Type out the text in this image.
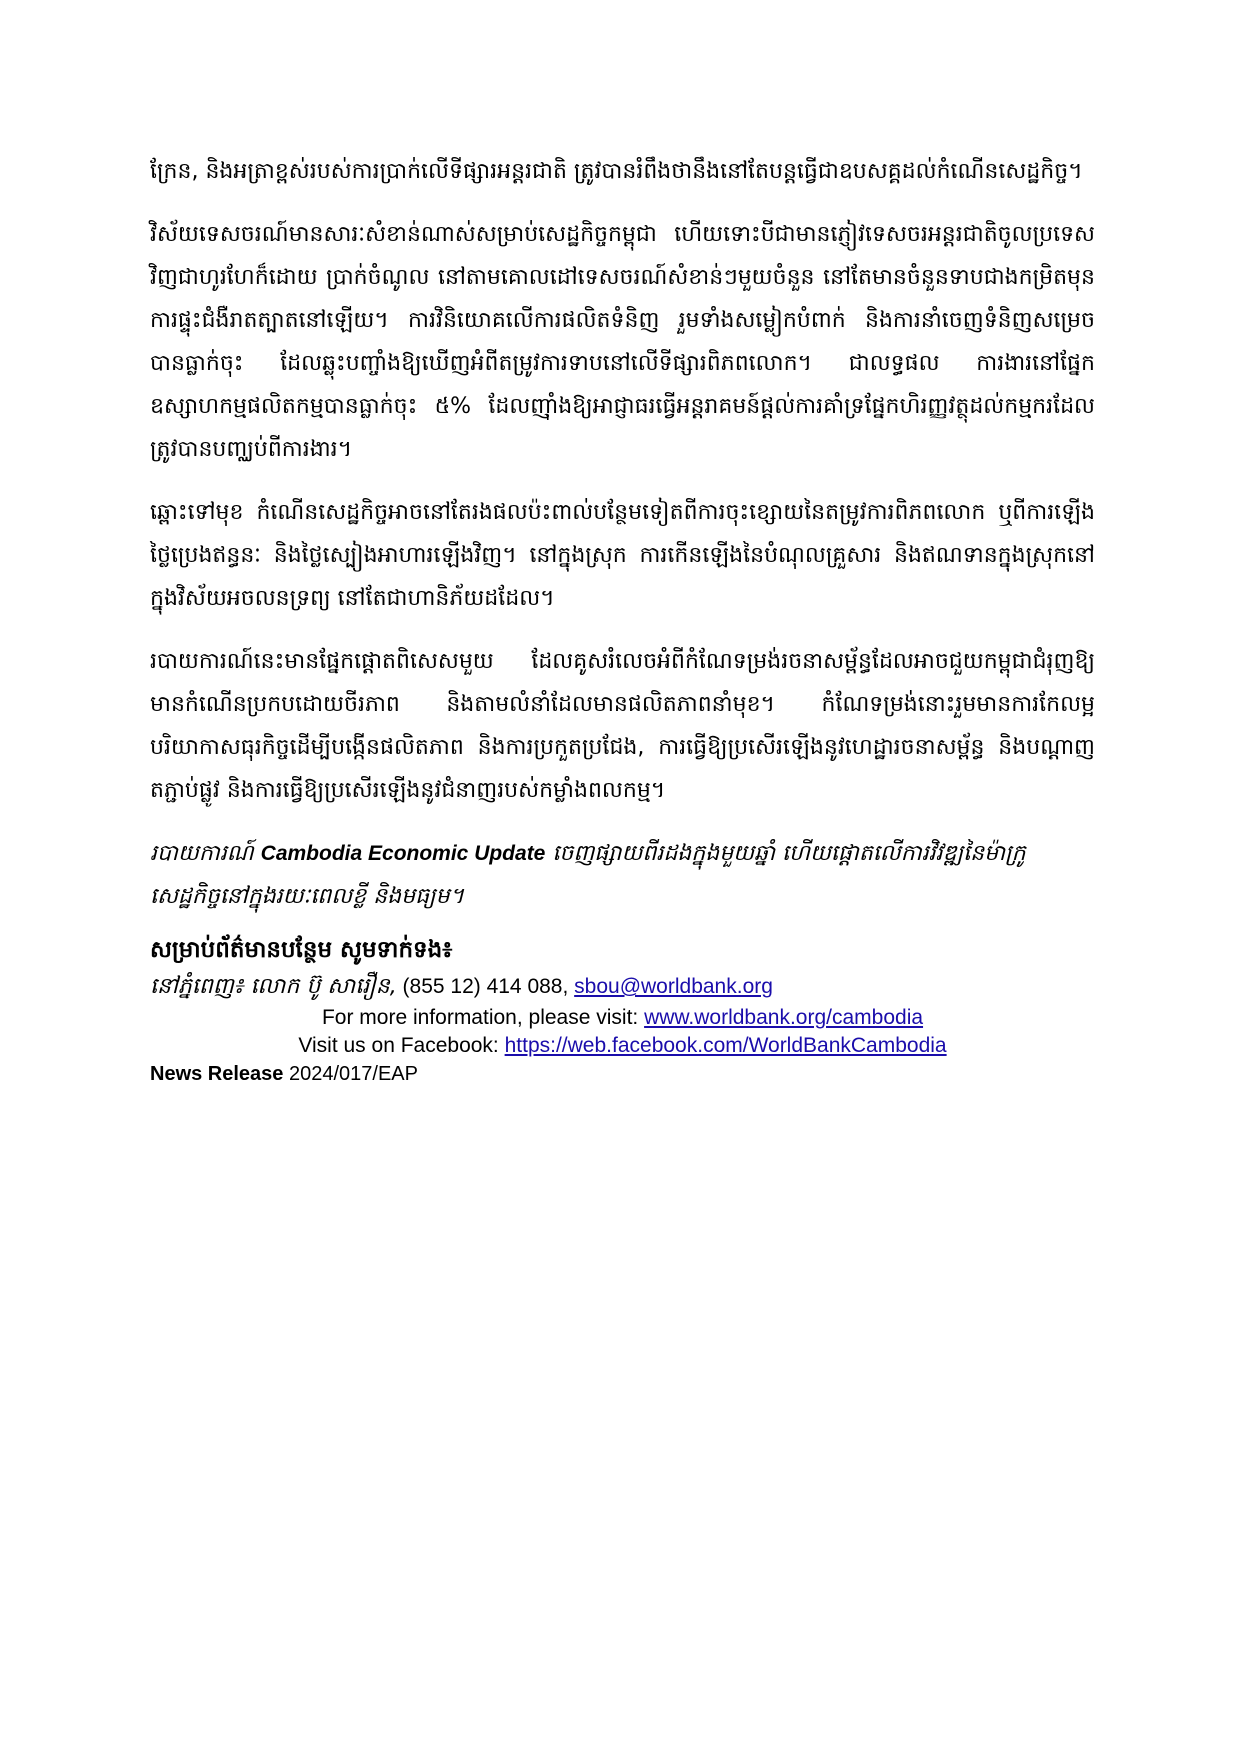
ក្រែន, និងអត្រាខ្ពស់របស់ការប្រាក់លើទីផ្សារអន្តរជាតិ ត្រូវបានរំពឹងថានឹងនៅតែបន្តធ្វើជាឧបសគ្គដល់កំណើនសេដ្ឋកិច្ច។

វិស័យទេសចរណ៍មានសារៈសំខាន់ណាស់សម្រាប់សេដ្ឋកិច្ចកម្ពុជា ហើយទោះបីជាមានភ្ញៀវទេសចរអន្តរជាតិចូលប្រទេសវិញជាហូរហែក៏ដោយ ប្រាក់ចំណូល នៅតាមគោលដៅទេសចរណ៍សំខាន់ៗមួយចំនួន នៅតែមានចំនួនទាបជាងកម្រិតមុនការផ្ទុះជំងឺរាតត្បាតនៅឡើយ។ ការវិនិយោគលើការផលិតទំនិញ រួមទាំងសម្លៀកបំពាក់ និងការនាំចេញទំនិញសម្រេច បានធ្លាក់ចុះ ដែលឆ្លុះបញ្ចាំងឱ្យឃើញអំពីតម្រូវការទាបនៅលើទីផ្សារពិភពលោក។ ជាលទ្ធផល ការងារនៅផ្នែកឧស្សាហកម្មផលិតកម្មបានធ្លាក់ចុះ ៥% ដែលញ៉ាំងឱ្យអាជ្ញាធរធ្វើអន្តរាគមន៍ផ្តល់ការគាំទ្រផ្នែកហិរញ្ញវត្ថុដល់កម្មករដែលត្រូវបានបញ្ឈប់ពីការងារ។

ឆ្ពោះទៅមុខ កំណើនសេដ្ឋកិច្ចអាចនៅតែរងផលប៉ះពាល់បន្ថែមទៀតពីការចុះខ្សោយនៃតម្រូវការពិភពលោក ឬពីការឡើងថ្លៃប្រេងឥន្ធនៈ និងថ្លៃស្បៀងអាហារឡើងវិញ។ នៅក្នុងស្រុក ការកើនឡើងនៃបំណុលគ្រួសារ និងឥណទានក្នុងស្រុកនៅក្នុងវិស័យអចលនទ្រព្យ នៅតែជាហានិភ័យដដែល។

របាយការណ៍នេះមានផ្នែកផ្តោតពិសេសមួយ ដែលគូសរំលេចអំពីកំណែទម្រង់រចនាសម្ព័ន្ធដែលអាចជួយកម្ពុជាជំរុញឱ្យមានកំណើនប្រកបដោយចីរភាព និងតាមលំនាំដែលមានផលិតភាពនាំមុខ។ កំណែទម្រង់នោះរួមមានការកែលម្អបរិយាកាសធុរកិច្ចដើម្បីបង្កើនផលិតភាព និងការប្រកួតប្រជែង, ការធ្វើឱ្យប្រសើរឡើងនូវហេដ្ឋារចនាសម្ព័ន្ធ និងបណ្តាញតភ្ជាប់ផ្លូវ និងការធ្វើឱ្យប្រសើរឡើងនូវជំនាញរបស់កម្លាំងពលកម្ម។

របាយការណ៍ Cambodia Economic Update ចេញផ្សាយពីរដងក្នុងមួយឆ្នាំ ហើយផ្តោតលើការវិវឌ្ឍនៃម៉ាក្រូសេដ្ឋកិច្ចនៅក្នុងរយៈពេលខ្លី និងមធ្យម។

សម្រាប់ព័ត៌មានបន្ថែម សូមទាក់ទង៖

នៅភ្នំពេញ៖ លោក ប៊ូ សារឿន, (855 12) 414 088, sbou@worldbank.org

For more information, please visit: www.worldbank.org/cambodia

Visit us on Facebook: https://web.facebook.com/WorldBankCambodia

News Release 2024/017/EAP
